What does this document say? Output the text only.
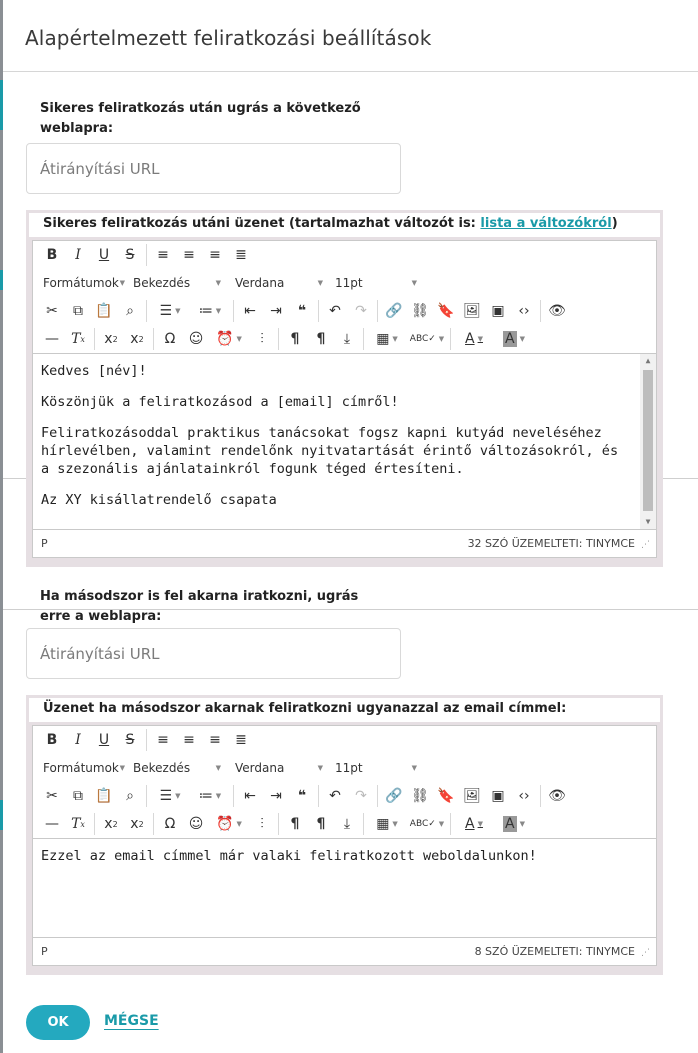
Alapértelmezett feliratkozási beállítások
Sikeres feliratkozás után ugrás a következő weblapra:
Átirányítási URL
Sikeres feliratkozás utáni üzenet (tartalmazhat változót is: lista a változókról)
B	I	U	S	≡	≡	≡	≣
Formátumok ▼ Bekezdés	▼ Verdana	▼ 11pt	▼
✂	⧉ 📋 ⌕	☰ ▼	≔ ▼	⇤	⇥	❝	↶	↷	🔗 ⛓ 🔖 🖼 ▣ ‹›	👁
— T x	x 2 x 2	Ω ☺ ⏰ ▼	⫶	¶	¶	⤓	▦ ▼	ABC✓ ▼	A ▼ A ▼

Kedves [név]!

Köszönjük a feliratkozásod a [email] címről!

Feliratkozásoddal praktikus tanácsokat fogsz kapni kutyád neveléséhez hírlevélben, valamint rendelőnk nyitvatartását érintő változásokról, és a szezonális ajánlatainkról fogunk téged értesíteni.

Az XY kisállatrendelő csapata

▲
▼
P	32 SZÓ ÜZEMELTETI: TINYMCE ⋰
Ha másodszor is fel akarna iratkozni, ugrás erre a weblapra:
Átirányítási URL
Üzenet ha másodszor akarnak feliratkozni ugyanazzal az email címmel:
B	I	U	S	≡	≡	≡	≣
Formátumok ▼ Bekezdés	▼ Verdana	▼ 11pt	▼
✂	⧉ 📋 ⌕	☰ ▼	≔ ▼	⇤	⇥	❝	↶	↷	🔗 ⛓ 🔖 🖼 ▣ ‹›	👁
— T x	x 2 x 2	Ω ☺ ⏰ ▼	⫶	¶	¶	⤓	▦ ▼	ABC✓ ▼	A ▼ A ▼

Ezzel az email címmel már valaki feliratkozott weboldalunkon!

P	8 SZÓ ÜZEMELTETI: TINYMCE ⋰
OK	MÉGSE
